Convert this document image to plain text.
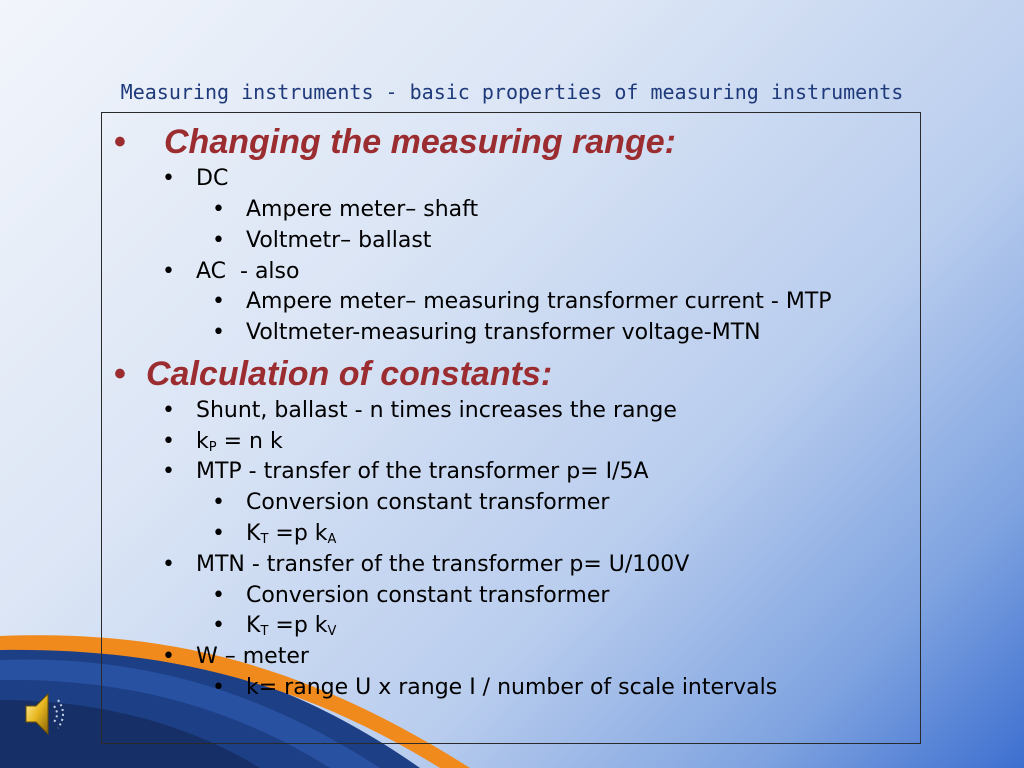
Measuring instruments - basic properties of measuring instruments
• Changing the measuring range:
• DC
• Ampere meter– shaft
• Voltmetr– ballast
• AC  - also
• Ampere meter– measuring transformer current - MTP
• Voltmeter-measuring transformer voltage-MTN
• Calculation of constants:
• Shunt, ballast - n times increases the range
• $k_P = n$ k
• MTP - transfer of the transformer p= I/5A
• Conversion constant transformer
• $K_T =p$ $k_A$
• MTN - transfer of the transformer p= U/100V
• Conversion constant transformer
• $K_T =p$ $k_V$
• W – meter
• k= range U x range I / number of scale intervals
